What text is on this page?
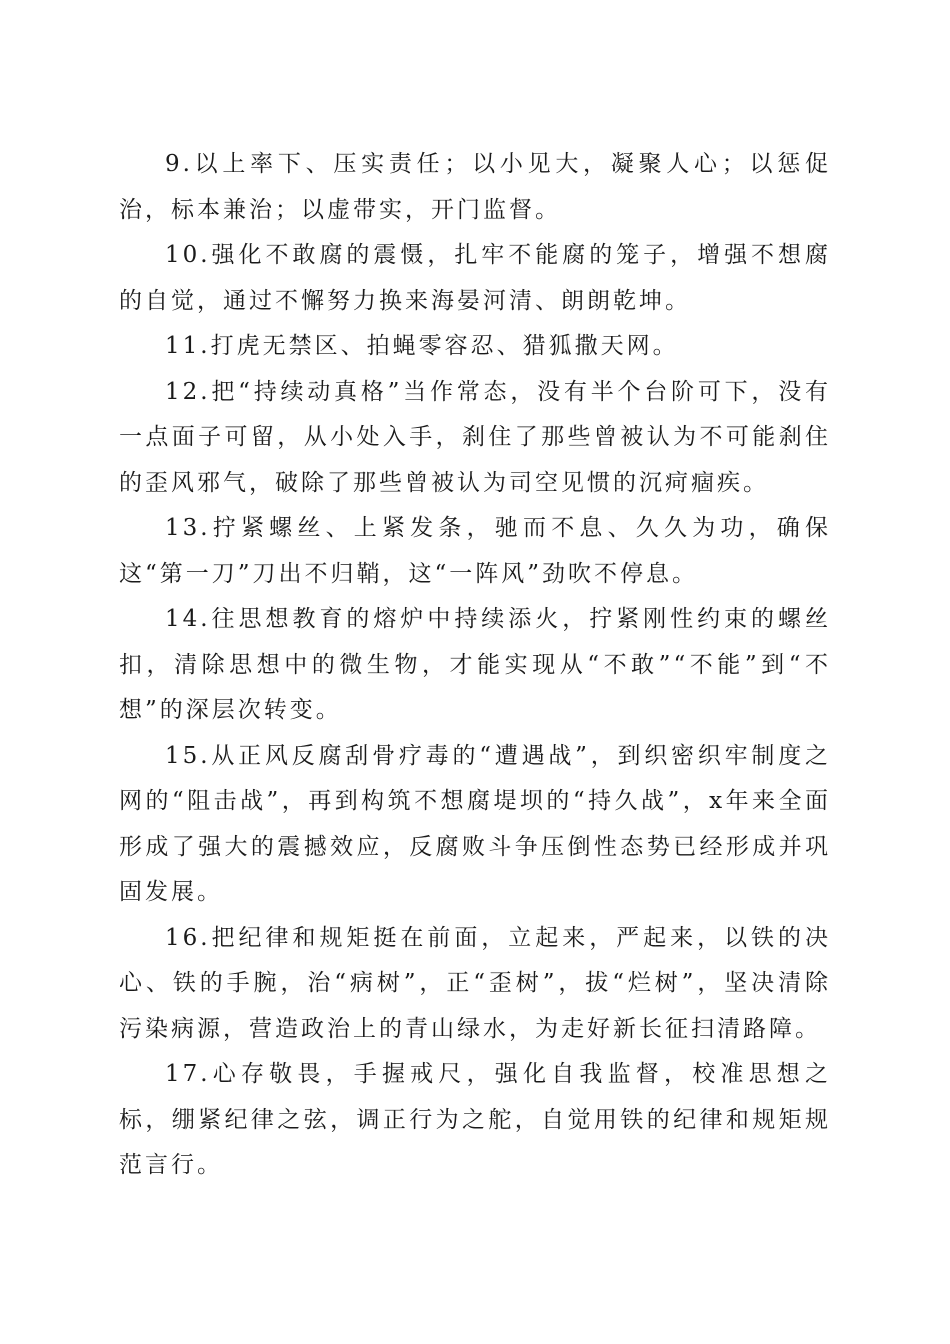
9.以上率下、压实责任；以小见大，凝聚人心；以惩促治，标本兼治；以虚带实，开门监督。

10.强化不敢腐的震慑，扎牢不能腐的笼子，增强不想腐的自觉，通过不懈努力换来海晏河清、朗朗乾坤。

11.打虎无禁区、拍蝇零容忍、猎狐撒天网。

12.把“持续动真格”当作常态，没有半个台阶可下，没有一点面子可留，从小处入手，刹住了那些曾被认为不可能刹住的歪风邪气，破除了那些曾被认为司空见惯的沉疴痼疾。

13.拧紧螺丝、上紧发条，驰而不息、久久为功，确保这“第一刀”刀出不归鞘，这“一阵风”劲吹不停息。

14.往思想教育的熔炉中持续添火，拧紧刚性约束的螺丝扣，清除思想中的微生物，才能实现从“不敢”“不能”到“不想”的深层次转变。

15.从正风反腐刮骨疗毒的“遭遇战”，到织密织牢制度之网的“阻击战”，再到构筑不想腐堤坝的“持久战”，x年来全面形成了强大的震撼效应，反腐败斗争压倒性态势已经形成并巩固发展。

16.把纪律和规矩挺在前面，立起来，严起来，以铁的决心、铁的手腕，治“病树”，正“歪树”，拔“烂树”，坚决清除污染病源，营造政治上的青山绿水，为走好新长征扫清路障。

17.心存敬畏，手握戒尺，强化自我监督，校准思想之标，绷紧纪律之弦，调正行为之舵，自觉用铁的纪律和规矩规范言行。
